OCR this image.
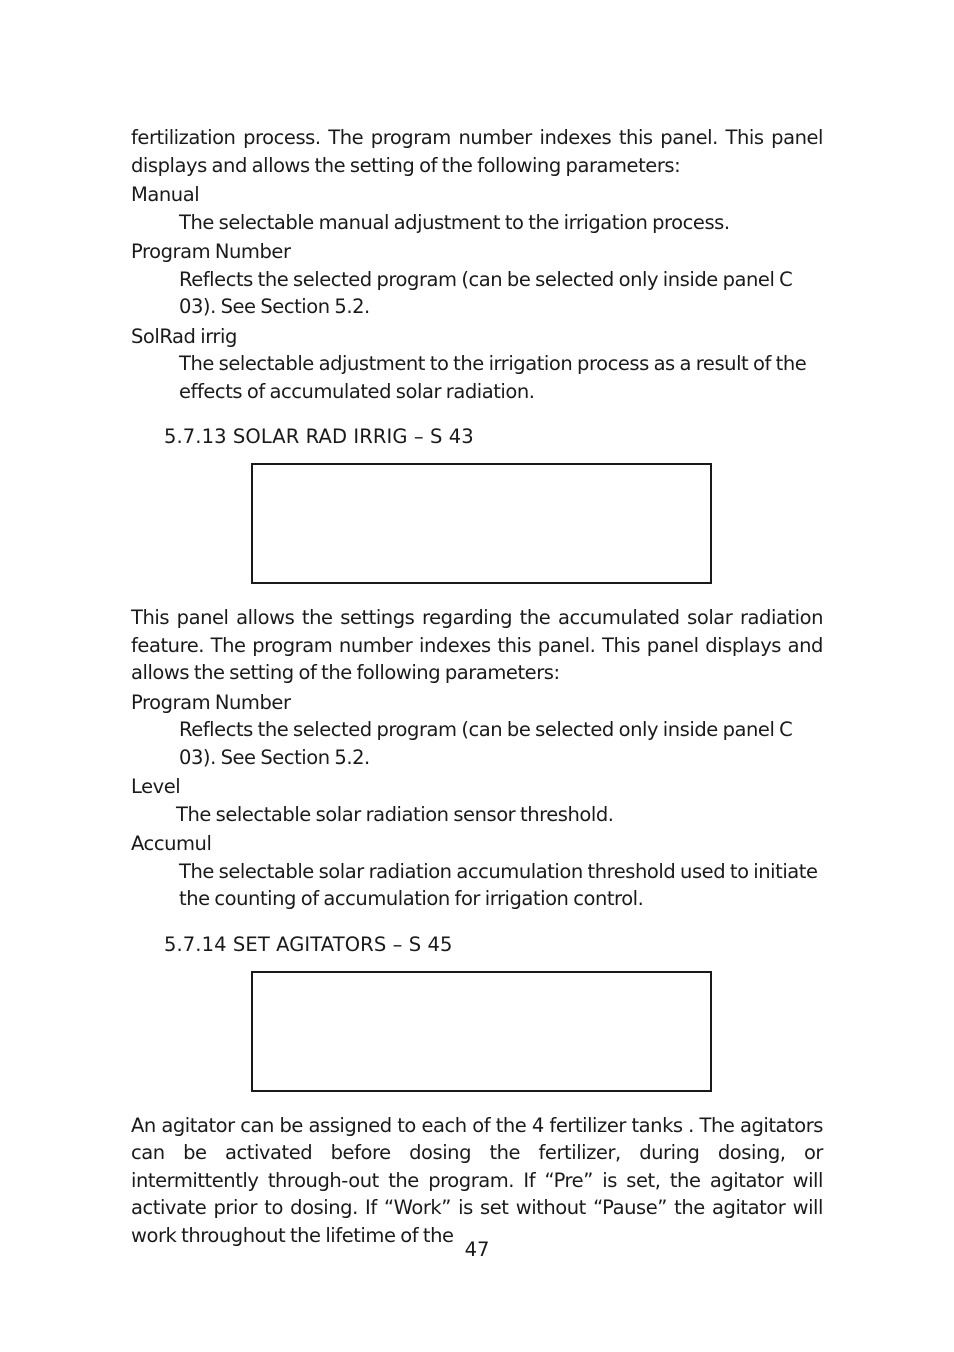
fertilization process. The program number indexes this panel. This panel displays and allows the setting of the following parameters:

Manual

The selectable manual adjustment to the irrigation process.

Program Number

Reflects the selected program (can be selected only inside panel C 03). See Section 5.2.

SolRad irrig

The selectable adjustment to the irrigation process as a result of the effects of accumulated solar radiation.

5.7.13 SOLAR RAD IRRIG – S 43

This panel allows the settings regarding the accumulated solar radiation feature. The program number indexes this panel. This panel displays and allows the setting of the following parameters:

Program Number

Reflects the selected program (can be selected only inside panel C 03). See Section 5.2.

Level

The selectable solar radiation sensor threshold.

Accumul

The selectable solar radiation accumulation threshold used to initiate the counting of accumulation for irrigation control.

5.7.14 SET AGITATORS – S 45

An agitator can be assigned to each of the 4 fertilizer tanks . The agitators can be activated before dosing the fertilizer, during dosing, or intermittently through-out the program. If “Pre” is set, the agitator will activate prior to dosing. If “Work” is set without “Pause” the agitator will work throughout the lifetime of the

47
